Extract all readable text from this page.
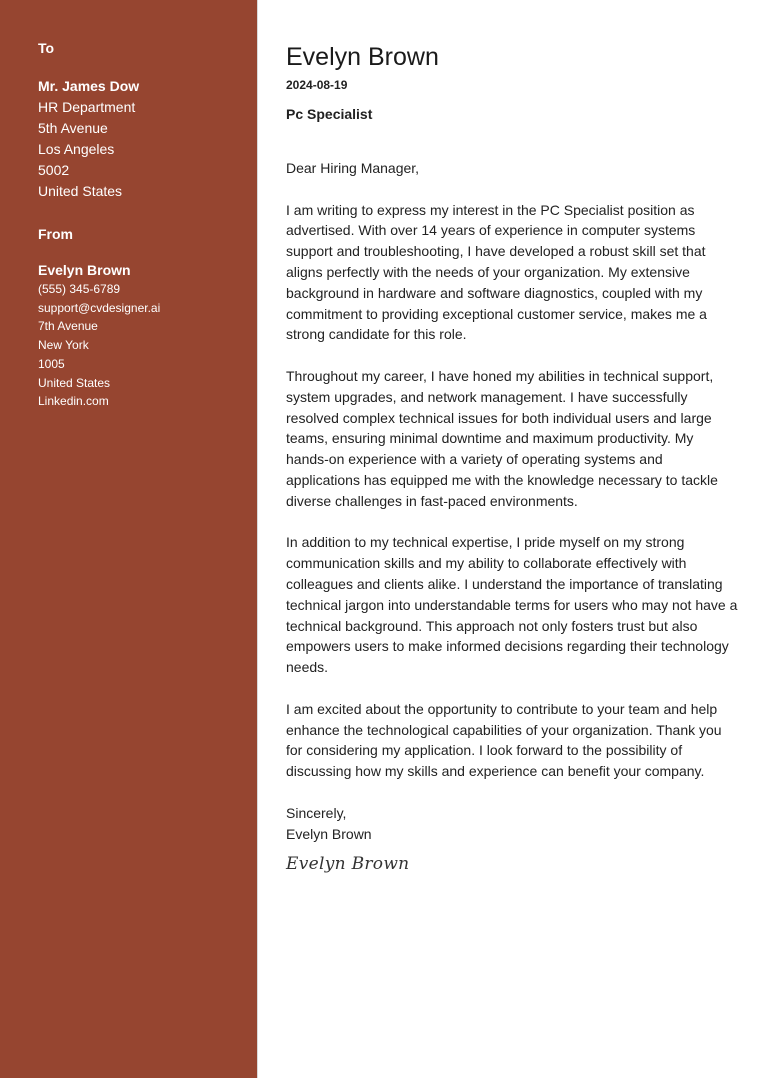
To
Mr. James Dow
HR Department
5th Avenue
Los Angeles
5002
United States
From
Evelyn Brown
(555) 345-6789
support@cvdesigner.ai
7th Avenue
New York
1005
United States
Linkedin.com
Evelyn Brown
2024-08-19
Pc Specialist
Dear Hiring Manager,

I am writing to express my interest in the PC Specialist position as advertised. With over 14 years of experience in computer systems support and troubleshooting, I have developed a robust skill set that aligns perfectly with the needs of your organization. My extensive background in hardware and software diagnostics, coupled with my commitment to providing exceptional customer service, makes me a strong candidate for this role.

Throughout my career, I have honed my abilities in technical support, system upgrades, and network management. I have successfully resolved complex technical issues for both individual users and large teams, ensuring minimal downtime and maximum productivity. My hands-on experience with a variety of operating systems and applications has equipped me with the knowledge necessary to tackle diverse challenges in fast-paced environments.

In addition to my technical expertise, I pride myself on my strong communication skills and my ability to collaborate effectively with colleagues and clients alike. I understand the importance of translating technical jargon into understandable terms for users who may not have a technical background. This approach not only fosters trust but also empowers users to make informed decisions regarding their technology needs.

I am excited about the opportunity to contribute to your team and help enhance the technological capabilities of your organization. Thank you for considering my application. I look forward to the possibility of discussing how my skills and experience can benefit your company.

Sincerely,
Evelyn Brown
Evelyn Brown
